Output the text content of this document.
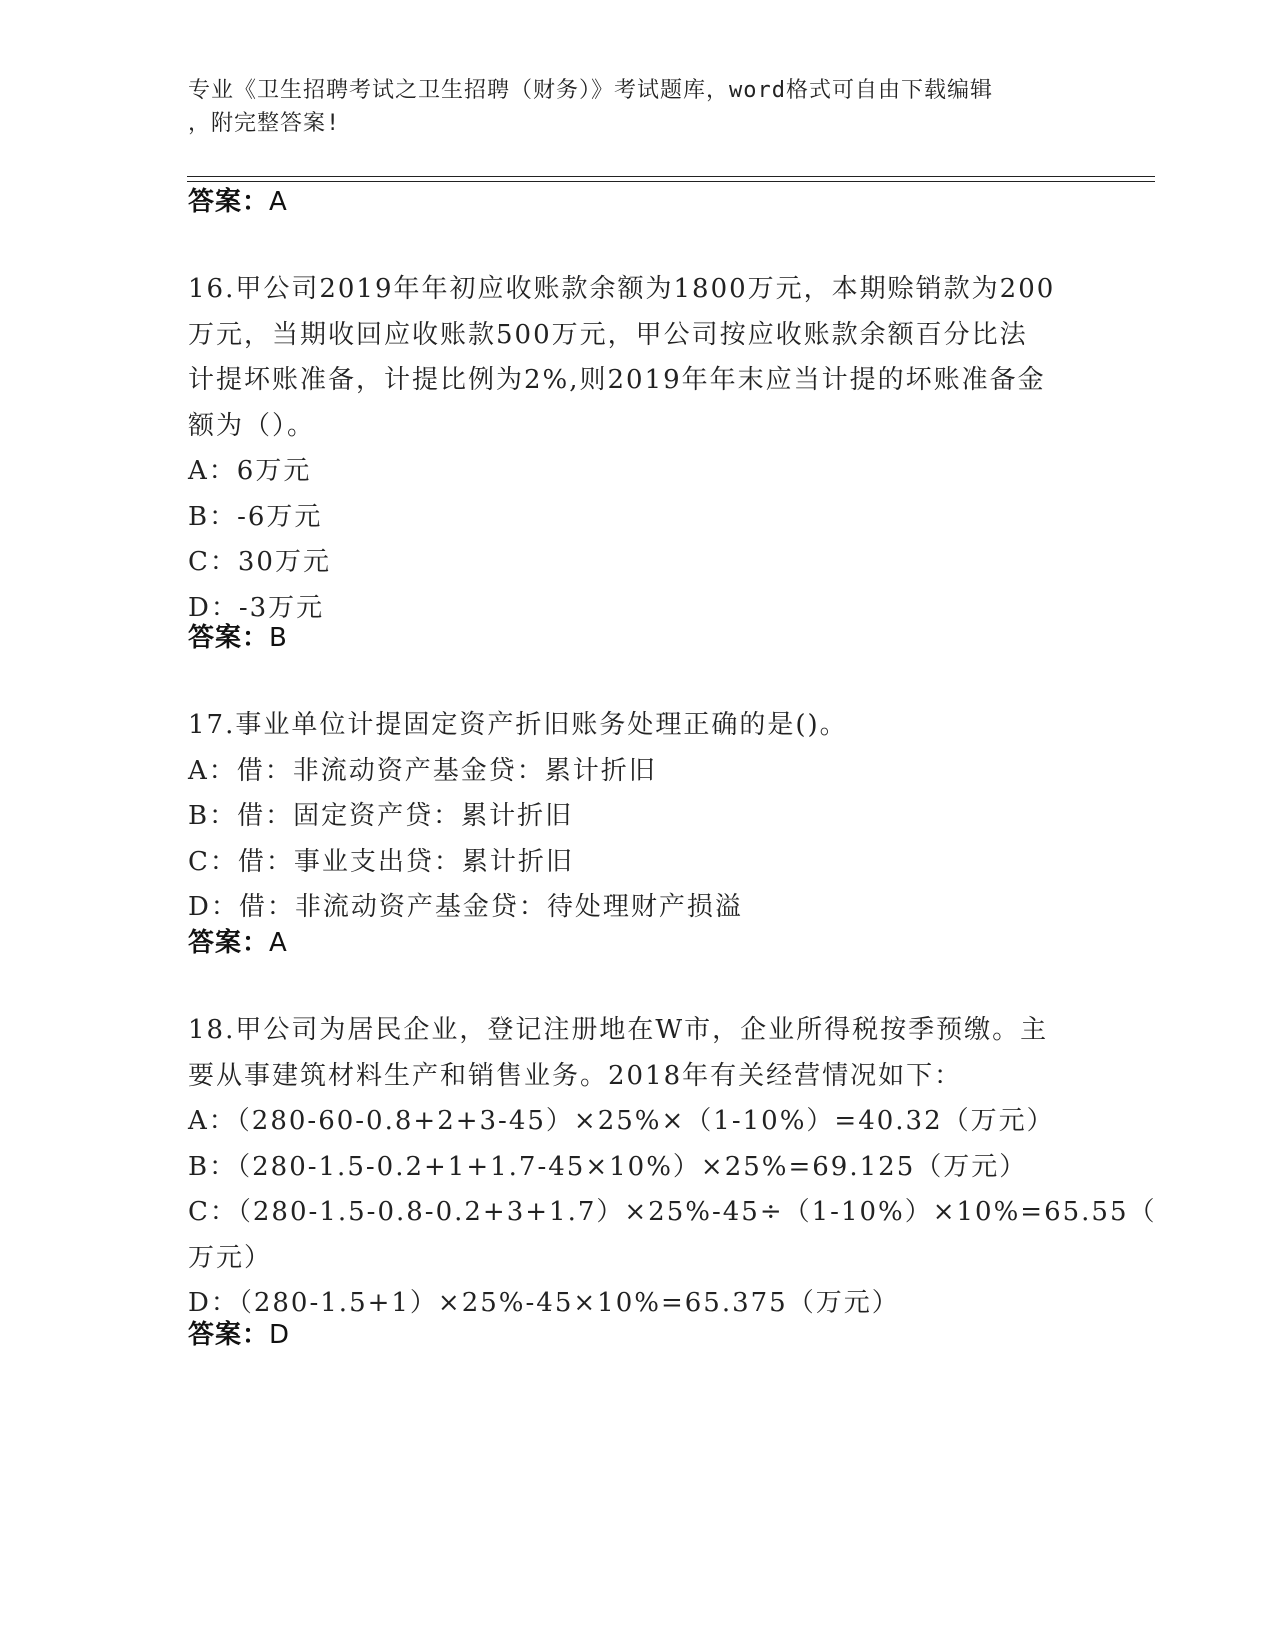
专业《卫生招聘考试之卫生招聘（财务）》考试题库，word格式可自由下载编辑
，附完整答案!
答案：A
16.甲公司2019年年初应收账款余额为1800万元，本期赊销款为200
万元，当期收回应收账款500万元，甲公司按应收账款余额百分比法
计提坏账准备，计提比例为2%,则2019年年末应当计提的坏账准备金
额为（）。
A：6万元
B：-6万元
C：30万元
D：-3万元
答案：B
17.事业单位计提固定资产折旧账务处理正确的是()。
A：借：非流动资产基金贷：累计折旧
B：借：固定资产贷：累计折旧
C：借：事业支出贷：累计折旧
D：借：非流动资产基金贷：待处理财产损溢
答案：A
18.甲公司为居民企业，登记注册地在W市，企业所得税按季预缴。主
要从事建筑材料生产和销售业务。2018年有关经营情况如下：
A：（280-60-0.8+2+3-45）×25%×（1-10%）=40.32（万元）
B：（280-1.5-0.2+1+1.7-45×10%）×25%=69.125（万元）
C：（280-1.5-0.8-0.2+3+1.7）×25%-45÷（1-10%）×10%=65.55（
万元）
D：（280-1.5+1）×25%-45×10%=65.375（万元）
答案：D
